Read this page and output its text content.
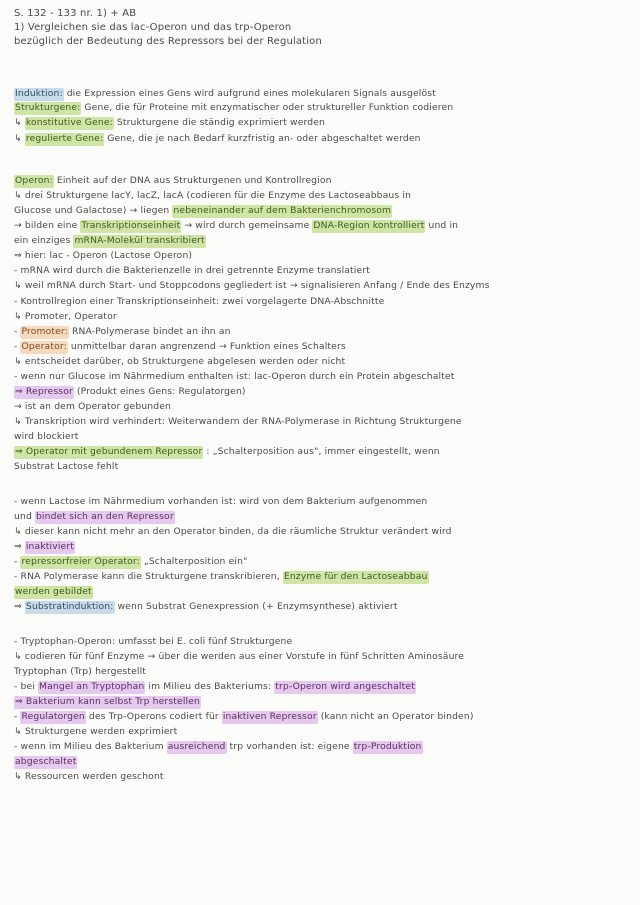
S. 132 - 133 nr. 1) + AB
1) Vergleichen sie das lac-Operon und das trp-Operon
bezüglich der Bedeutung des Repressors bei der Regulation
Induktion: die Expression eines Gens wird aufgrund eines molekularen Signals ausgelöst
Strukturgene: Gene, die für Proteine mit enzymatischer oder struktureller Funktion codieren
↳ konstitutive Gene: Strukturgene die ständig exprimiert werden
↳ regulierte Gene: Gene, die je nach Bedarf kurzfristig an- oder abgeschaltet werden
Operon: Einheit auf der DNA aus Strukturgenen und Kontrollregion
↳ drei Strukturgene lacY, lacZ, lacA (codieren für die Enzyme des Lactoseabbaus in
Glucose und Galactose) → liegen nebeneinander auf dem Bakterienchromosom
→ bilden eine Transkriptionseinheit → wird durch gemeinsame DNA-Region kontrolliert und in
ein einziges mRNA-Molekül transkribiert
⇒ hier: lac - Operon (Lactose Operon)
- mRNA wird durch die Bakterienzelle in drei getrennte Enzyme translatiert
↳ weil mRNA durch Start- und Stoppcodons gegliedert ist → signalisieren Anfang / Ende des Enzyms
- Kontrollregion einer Transkriptionseinheit: zwei vorgelagerte DNA-Abschnitte
↳ Promoter, Operator
- Promoter: RNA-Polymerase bindet an ihn an
- Operator: unmittelbar daran angrenzend → Funktion eines Schalters
↳ entscheidet darüber, ob Strukturgene abgelesen werden oder nicht
- wenn nur Glucose im Nährmedium enthalten ist: lac-Operon durch ein Protein abgeschaltet
⇒ Repressor (Produkt eines Gens: Regulatorgen)
→ ist an dem Operator gebunden
↳ Transkription wird verhindert: Weiterwandern der RNA-Polymerase in Richtung Strukturgene
wird blockiert
⇒ Operator mit gebundenem Repressor : „Schalterposition aus", immer eingestellt, wenn
Substrat Lactose fehlt
- wenn Lactose im Nährmedium vorhanden ist: wird von dem Bakterium aufgenommen
und bindet sich an den Repressor
↳ dieser kann nicht mehr an den Operator binden, da die räumliche Struktur verändert wird
⇒ inaktiviert
- repressorfreier Operator: „Schalterposition ein"
- RNA Polymerase kann die Strukturgene transkribieren, Enzyme für den Lactoseabbau
werden gebildet
⇒ Substratinduktion: wenn Substrat Genexpression (+ Enzymsynthese) aktiviert
- Tryptophan-Operon: umfasst bei E. coli fünf Strukturgene
↳ codieren für fünf Enzyme → über die werden aus einer Vorstufe in fünf Schritten Aminosäure
Tryptophan (Trp) hergestellt
- bei Mangel an Tryptophan im Milieu des Bakteriums: trp-Operon wird angeschaltet
⇒ Bakterium kann selbst Trp herstellen
- Regulatorgen des Trp-Operons codiert für inaktiven Repressor (kann nicht an Operator binden)
↳ Strukturgene werden exprimiert
- wenn im Milieu des Bakterium ausreichend trp vorhanden ist: eigene trp-Produktion
abgeschaltet
↳ Ressourcen werden geschont
